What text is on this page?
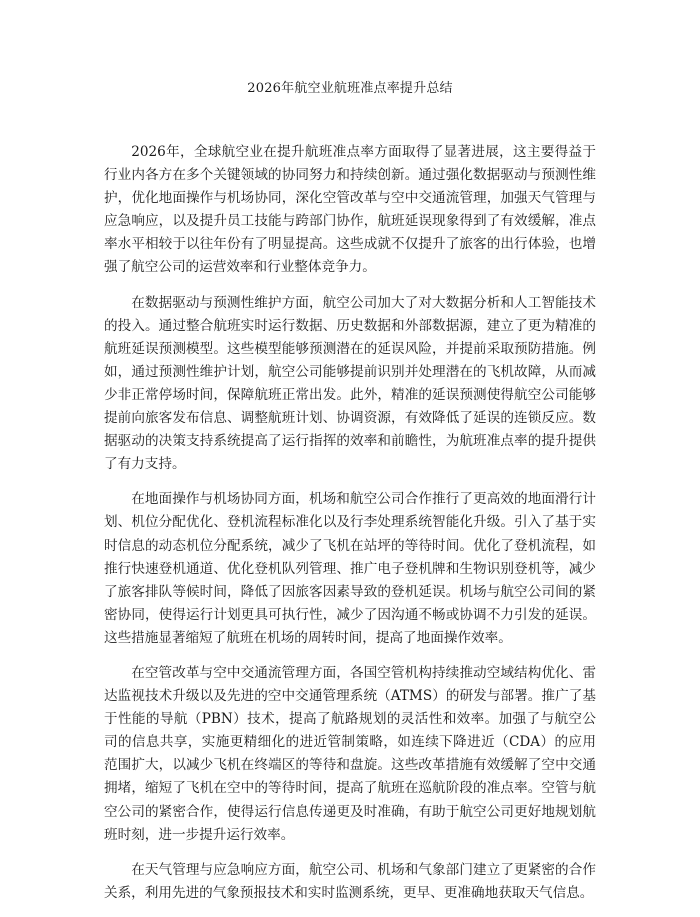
2026年航空业航班准点率提升总结

2026年，全球航空业在提升航班准点率方面取得了显著进展，这主要得益于行业内各方在多个关键领域的协同努力和持续创新。通过强化数据驱动与预测性维护，优化地面操作与机场协同，深化空管改革与空中交通流管理，加强天气管理与应急响应，以及提升员工技能与跨部门协作，航班延误现象得到了有效缓解，准点率水平相较于以往年份有了明显提高。这些成就不仅提升了旅客的出行体验，也增强了航空公司的运营效率和行业整体竞争力。

在数据驱动与预测性维护方面，航空公司加大了对大数据分析和人工智能技术的投入。通过整合航班实时运行数据、历史数据和外部数据源，建立了更为精准的航班延误预测模型。这些模型能够预测潜在的延误风险，并提前采取预防措施。例如，通过预测性维护计划，航空公司能够提前识别并处理潜在的飞机故障，从而减少非正常停场时间，保障航班正常出发。此外，精准的延误预测使得航空公司能够提前向旅客发布信息、调整航班计划、协调资源，有效降低了延误的连锁反应。数据驱动的决策支持系统提高了运行指挥的效率和前瞻性，为航班准点率的提升提供了有力支持。

在地面操作与机场协同方面，机场和航空公司合作推行了更高效的地面滑行计划、机位分配优化、登机流程标准化以及行李处理系统智能化升级。引入了基于实时信息的动态机位分配系统，减少了飞机在站坪的等待时间。优化了登机流程，如推行快速登机通道、优化登机队列管理、推广电子登机牌和生物识别登机等，减少了旅客排队等候时间，降低了因旅客因素导致的登机延误。机场与航空公司间的紧密协同，使得运行计划更具可执行性，减少了因沟通不畅或协调不力引发的延误。这些措施显著缩短了航班在机场的周转时间，提高了地面操作效率。

在空管改革与空中交通流管理方面，各国空管机构持续推动空域结构优化、雷达监视技术升级以及先进的空中交通管理系统（ATMS）的研发与部署。推广了基于性能的导航（PBN）技术，提高了航路规划的灵活性和效率。加强了与航空公司的信息共享，实施更精细化的进近管制策略，如连续下降进近（CDA）的应用范围扩大，以减少飞机在终端区的等待和盘旋。这些改革措施有效缓解了空中交通拥堵，缩短了飞机在空中的等待时间，提高了航班在巡航阶段的准点率。空管与航空公司的紧密合作，使得运行信息传递更及时准确，有助于航空公司更好地规划航班时刻，进一步提升运行效率。

在天气管理与应急响应方面，航空公司、机场和气象部门建立了更紧密的合作关系，利用先进的气象预报技术和实时监测系统，更早、更准确地获取天气信息。
